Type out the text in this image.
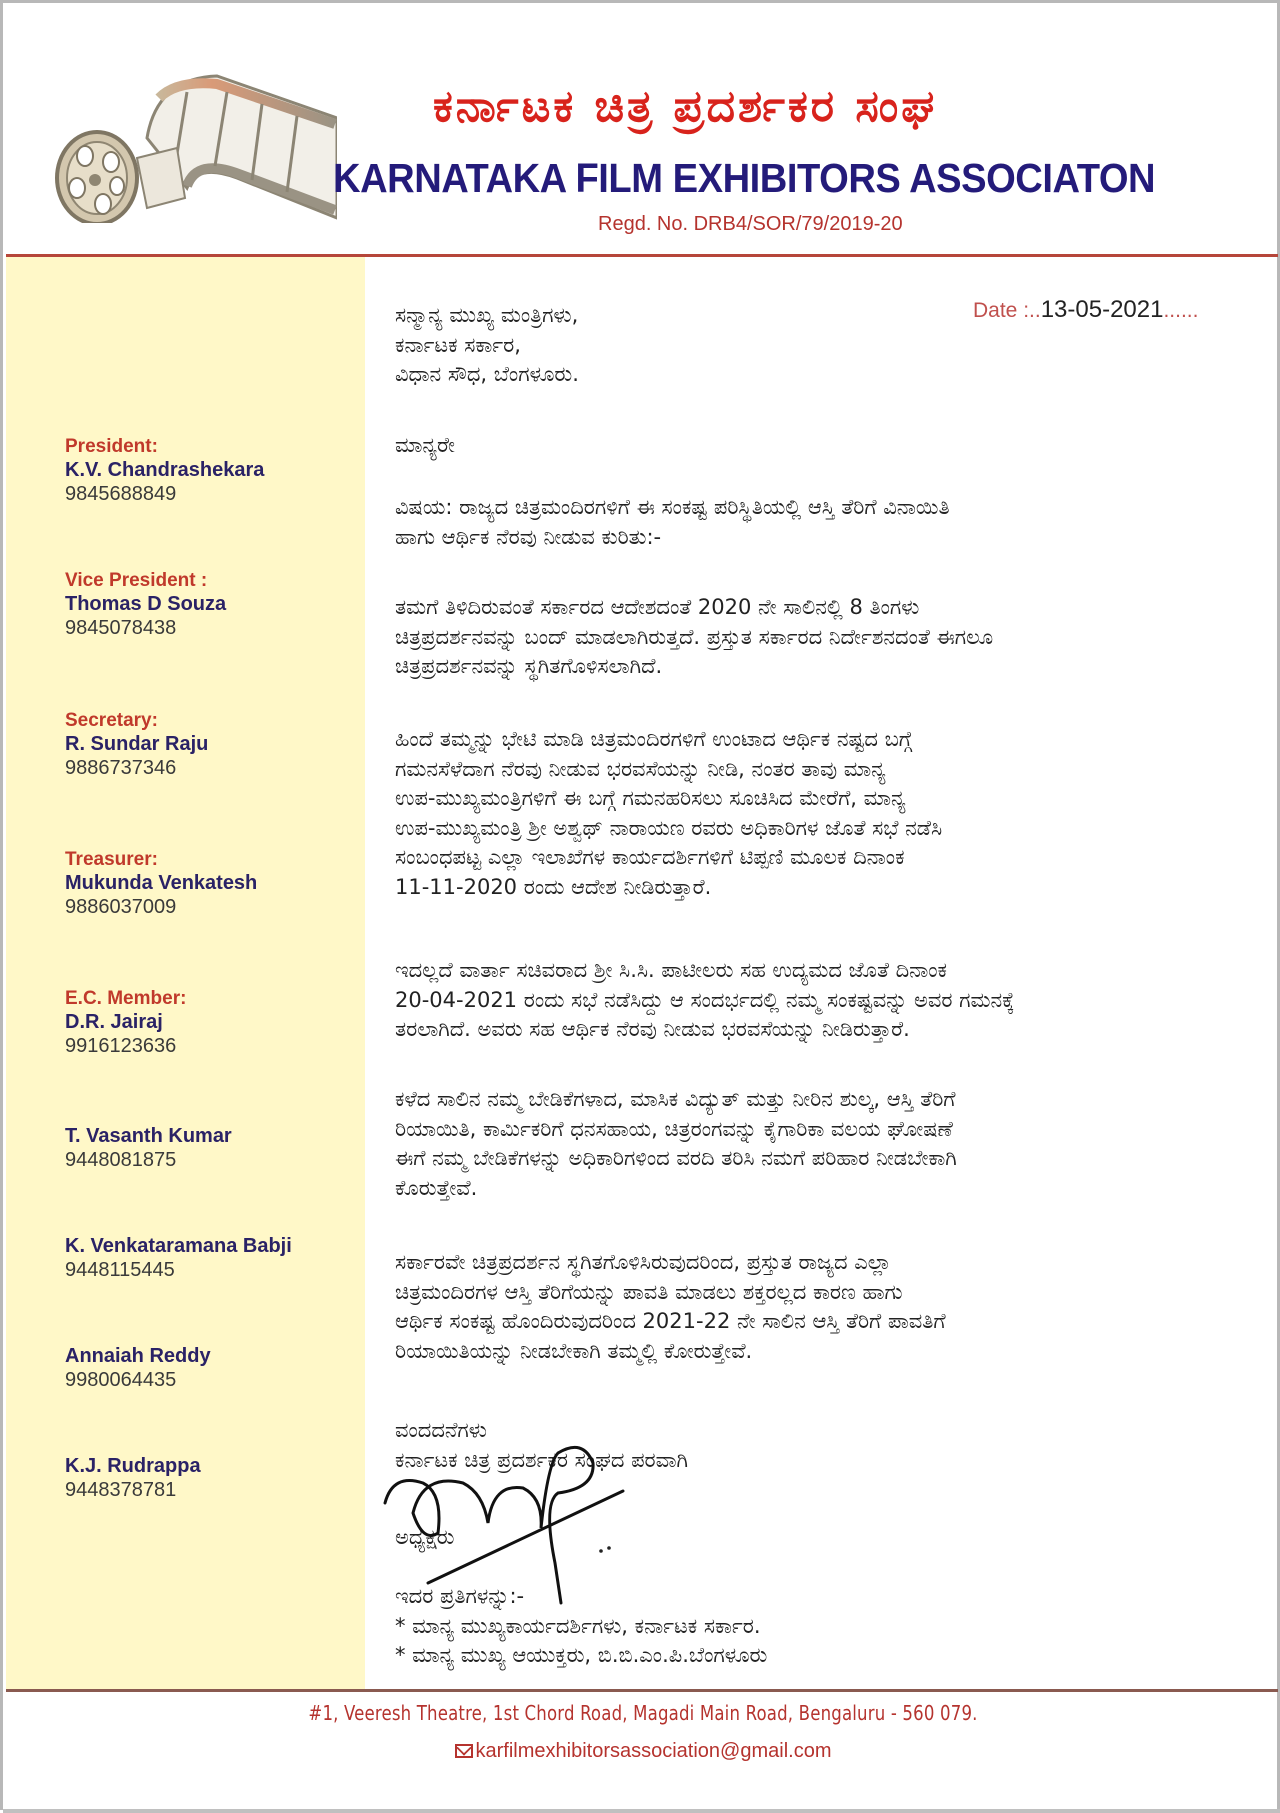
ಕರ್ನಾಟಕ ಚಿತ್ರ ಪ್ರದರ್ಶಕರ ಸಂಘ
KARNATAKA FILM EXHIBITORS ASSOCIATON
Regd. No. DRB4/SOR/79/2019-20
President:
K.V. Chandrashekara
9845688849
Vice President :
Thomas D Souza
9845078438
Secretary:
R. Sundar Raju
9886737346
Treasurer:
Mukunda Venkatesh
9886037009
E.C. Member:
D.R. Jairaj
9916123636
T. Vasanth Kumar
9448081875
K. Venkataramana Babji
9448115445
Annaiah Reddy
9980064435
K.J. Rudrappa
9448378781
Date :..13-05-2021......

ಸನ್ಮಾನ್ಯ ಮುಖ್ಯ ಮಂತ್ರಿಗಳು,

ಕರ್ನಾಟಕ ಸರ್ಕಾರ,

ವಿಧಾನ ಸೌಧ, ಬೆಂಗಳೂರು.

ಮಾನ್ಯರೇ

ವಿಷಯ: ರಾಜ್ಯದ ಚಿತ್ರಮಂದಿರಗಳಿಗೆ ಈ ಸಂಕಷ್ಟ ಪರಿಸ್ಥಿತಿಯಲ್ಲಿ ಆಸ್ತಿ ತೆರಿಗೆ ವಿನಾಯಿತಿ

ಹಾಗು ಆರ್ಥಿಕ ನೆರವು ನೀಡುವ ಕುರಿತು:-

ತಮಗೆ ತಿಳಿದಿರುವಂತೆ ಸರ್ಕಾರದ ಆದೇಶದಂತೆ 2020 ನೇ ಸಾಲಿನಲ್ಲಿ 8 ತಿಂಗಳು

ಚಿತ್ರಪ್ರದರ್ಶನವನ್ನು ಬಂದ್ ಮಾಡಲಾಗಿರುತ್ತದೆ. ಪ್ರಸ್ತುತ ಸರ್ಕಾರದ ನಿರ್ದೇಶನದಂತೆ ಈಗಲೂ

ಚಿತ್ರಪ್ರದರ್ಶನವನ್ನು ಸ್ಥಗಿತಗೊಳಿಸಲಾಗಿದೆ.

ಹಿಂದೆ ತಮ್ಮನ್ನು ಭೇಟಿ ಮಾಡಿ ಚಿತ್ರಮಂದಿರಗಳಿಗೆ ಉಂಟಾದ ಆರ್ಥಿಕ ನಷ್ಟದ ಬಗ್ಗೆ

ಗಮನಸೆಳೆದಾಗ ನೆರವು ನೀಡುವ ಭರವಸೆಯನ್ನು ನೀಡಿ, ನಂತರ ತಾವು ಮಾನ್ಯ

ಉಪ-ಮುಖ್ಯಮಂತ್ರಿಗಳಿಗೆ ಈ ಬಗ್ಗೆ ಗಮನಹರಿಸಲು ಸೂಚಿಸಿದ ಮೇರೆಗೆ, ಮಾನ್ಯ

ಉಪ-ಮುಖ್ಯಮಂತ್ರಿ ಶ್ರೀ ಅಶ್ವಥ್ ನಾರಾಯಣ ರವರು ಅಧಿಕಾರಿಗಳ ಜೊತೆ ಸಭೆ ನಡೆಸಿ

ಸಂಬಂಧಪಟ್ಟ ಎಲ್ಲಾ ಇಲಾಖೆಗಳ ಕಾರ್ಯದರ್ಶಿಗಳಿಗೆ ಟಿಪ್ಪಣಿ ಮೂಲಕ ದಿನಾಂಕ

11-11-2020 ರಂದು ಆದೇಶ ನೀಡಿರುತ್ತಾರೆ.

ಇದಲ್ಲದೆ ವಾರ್ತಾ ಸಚಿವರಾದ ಶ್ರೀ ಸಿ.ಸಿ. ಪಾಟೀಲರು ಸಹ ಉದ್ಯಮದ ಜೊತೆ ದಿನಾಂಕ

20-04-2021 ರಂದು ಸಭೆ ನಡೆಸಿದ್ದು ಆ ಸಂದರ್ಭದಲ್ಲಿ ನಮ್ಮ ಸಂಕಷ್ಟವನ್ನು ಅವರ ಗಮನಕ್ಕೆ

ತರಲಾಗಿದೆ. ಅವರು ಸಹ ಆರ್ಥಿಕ ನೆರವು ನೀಡುವ ಭರವಸೆಯನ್ನು ನೀಡಿರುತ್ತಾರೆ.

ಕಳೆದ ಸಾಲಿನ ನಮ್ಮ ಬೇಡಿಕೆಗಳಾದ, ಮಾಸಿಕ ವಿದ್ಯುತ್ ಮತ್ತು ನೀರಿನ ಶುಲ್ಕ, ಆಸ್ತಿ ತೆರಿಗೆ

ರಿಯಾಯಿತಿ, ಕಾರ್ಮಿಕರಿಗೆ ಧನಸಹಾಯ, ಚಿತ್ರರಂಗವನ್ನು ಕೈಗಾರಿಕಾ ವಲಯ ಘೋಷಣೆ

ಈಗೆ ನಮ್ಮ ಬೇಡಿಕೆಗಳನ್ನು ಅಧಿಕಾರಿಗಳಿಂದ ವರದಿ ತರಿಸಿ ನಮಗೆ ಪರಿಹಾರ ನೀಡಬೇಕಾಗಿ

ಕೊರುತ್ತೇವೆ.

ಸರ್ಕಾರವೇ ಚಿತ್ರಪ್ರದರ್ಶನ ಸ್ಥಗಿತಗೊಳಿಸಿರುವುದರಿಂದ, ಪ್ರಸ್ತುತ ರಾಜ್ಯದ ಎಲ್ಲಾ

ಚಿತ್ರಮಂದಿರಗಳ ಆಸ್ತಿ ತೆರಿಗೆಯನ್ನು ಪಾವತಿ ಮಾಡಲು ಶಕ್ತರಲ್ಲದ ಕಾರಣ ಹಾಗು

ಆರ್ಥಿಕ ಸಂಕಷ್ಟ ಹೊಂದಿರುವುದರಿಂದ 2021-22 ನೇ ಸಾಲಿನ ಆಸ್ತಿ ತೆರಿಗೆ ಪಾವತಿಗೆ

ರಿಯಾಯಿತಿಯನ್ನು ನೀಡಬೇಕಾಗಿ ತಮ್ಮಲ್ಲಿ ಕೋರುತ್ತೇವೆ.

ವಂದದನೆಗಳು

ಕರ್ನಾಟಕ ಚಿತ್ರ ಪ್ರದರ್ಶಕರ ಸಂಘದ ಪರವಾಗಿ

ಅಧ್ಯಕ್ಷರು

ಇದರ ಪ್ರತಿಗಳನ್ನು:-

* ಮಾನ್ಯ ಮುಖ್ಯಕಾರ್ಯದರ್ಶಿಗಳು, ಕರ್ನಾಟಕ ಸರ್ಕಾರ.

* ಮಾನ್ಯ ಮುಖ್ಯ ಆಯುಕ್ತರು, ಬಿ.ಬಿ.ಎಂ.ಪಿ.ಬೆಂಗಳೂರು

#1, Veeresh Theatre, 1st Chord Road, Magadi Main Road, Bengaluru - 560 079.
karfilmexhibitorsassociation@gmail.com
